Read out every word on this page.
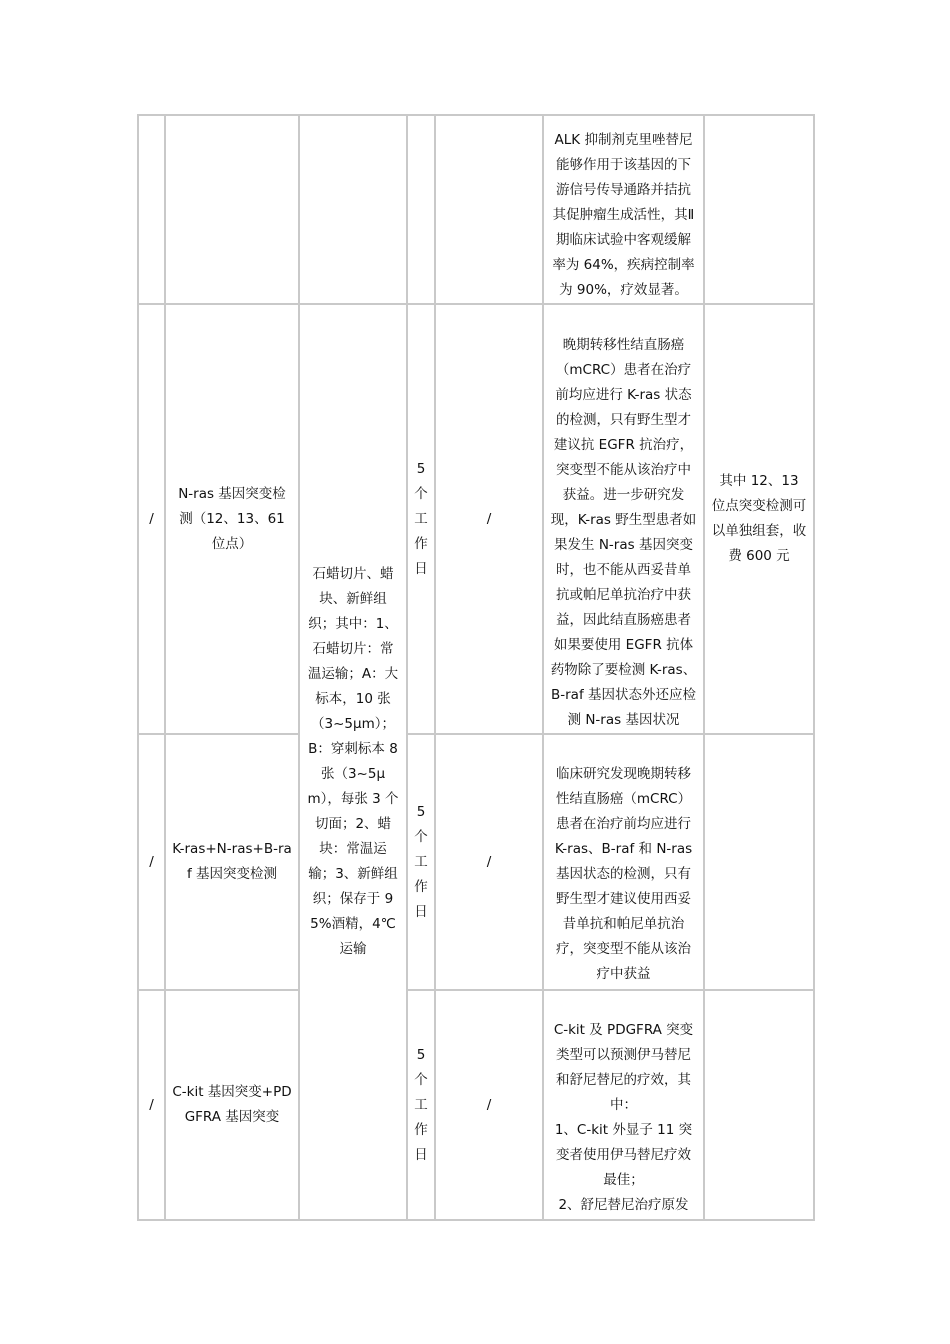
					ALK 抑制剂克里唑替尼能够作用于该基因的下游信号传导通路并拮抗其促肿瘤生成活性，其Ⅱ期临床试验中客观缓解率为 64%，疾病控制率为 90%，疗效显著。	
/	N-ras 基因突变检测（12、13、61 位点）	石蜡切片、蜡块、新鲜组织；其中：1、石蜡切片：常温运输；A：大标本，10 张（3~5μm）；B：穿刺标本 8 张（3~5μm），每张 3 个切面；2、蜡块：常温运输；3、新鲜组织；保存于 95%酒精，4℃运输	5个工作日	/	晚期转移性结直肠癌（mCRC）患者在治疗前均应进行 K-ras 状态的检测，只有野生型才建议抗 EGFR 抗治疗，突变型不能从该治疗中获益。进一步研究发现，K-ras 野生型患者如果发生 N-ras 基因突变时，也不能从西妥昔单抗或帕尼单抗治疗中获益，因此结直肠癌患者如果要使用 EGFR 抗体药物除了要检测 K-ras、B-raf 基因状态外还应检测 N-ras 基因状况	其中 12、13 位点突变检测可以单独组套，收费 600 元
/	K-ras+N-ras+B-raf 基因突变检测		5个工作日	/	临床研究发现晚期转移性结直肠癌（mCRC）患者在治疗前均应进行 K-ras、B-raf 和 N-ras 基因状态的检测，只有野生型才建议使用西妥昔单抗和帕尼单抗治疗，突变型不能从该治疗中获益	
/	C-kit 基因突变+PDGFRA 基因突变		5个工作日	/	C-kit 及 PDGFRA 突变类型可以预测伊马替尼和舒尼替尼的疗效，其中：
1、C-kit 外显子 11 突变者使用伊马替尼疗效最佳；
2、舒尼替尼治疗原发	
